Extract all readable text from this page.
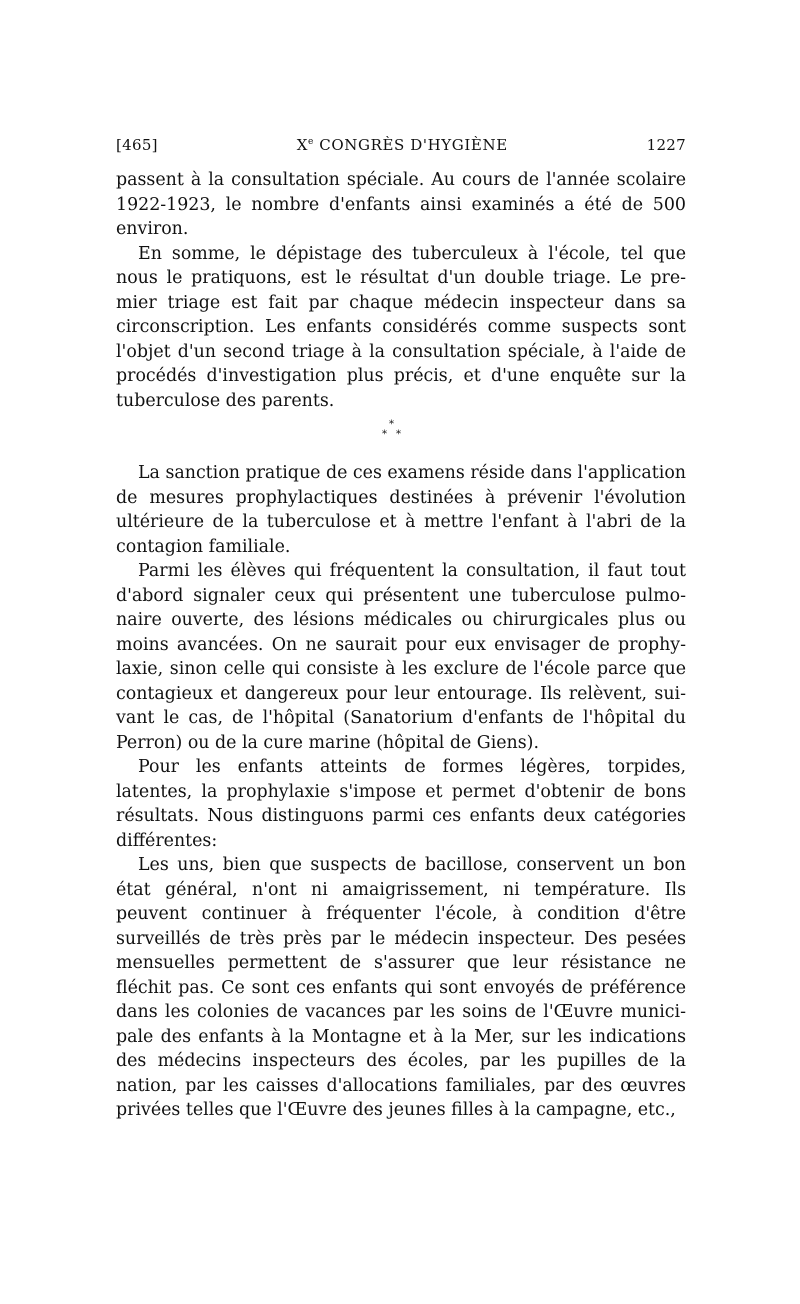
[465]	Xe CONGRÈS D'HYGIÈNE	1227

passent à la consultation spéciale. Au cours de l'année scolaire 1922-1923, le nombre d'enfants ainsi examinés a été de 500 environ.

En somme, le dépistage des tuberculeux à l'école, tel que nous le pratiquons, est le résultat d'un double triage. Le premier triage est fait par chaque médecin inspecteur dans sa circonscription. Les enfants considérés comme suspects sont l'objet d'un second triage à la consultation spéciale, à l'aide de procédés d'investigation plus précis, et d'une enquête sur la tuberculose des parents.

*
* *

La sanction pratique de ces examens réside dans l'application de mesures prophylactiques destinées à prévenir l'évolution ultérieure de la tuberculose et à mettre l'enfant à l'abri de la contagion familiale.

Parmi les élèves qui fréquentent la consultation, il faut tout d'abord signaler ceux qui présentent une tuberculose pulmonaire ouverte, des lésions médicales ou chirurgicales plus ou moins avancées. On ne saurait pour eux envisager de prophylaxie, sinon celle qui consiste à les exclure de l'école parce que contagieux et dangereux pour leur entourage. Ils relèvent, suivant le cas, de l'hôpital (Sanatorium d'enfants de l'hôpital du Perron) ou de la cure marine (hôpital de Giens).

Pour les enfants atteints de formes légères, torpides, latentes, la prophylaxie s'impose et permet d'obtenir de bons résultats. Nous distinguons parmi ces enfants deux catégories différentes:

Les uns, bien que suspects de bacillose, conservent un bon état général, n'ont ni amaigrissement, ni température. Ils peuvent continuer à fréquenter l'école, à condition d'être surveillés de très près par le médecin inspecteur. Des pesées mensuelles permettent de s'assurer que leur résistance ne fléchit pas. Ce sont ces enfants qui sont envoyés de préférence dans les colonies de vacances par les soins de l'Œuvre municipale des enfants à la Montagne et à la Mer, sur les indications des médecins inspecteurs des écoles, par les pupilles de la nation, par les caisses d'allocations familiales, par des œuvres privées telles que l'Œuvre des jeunes filles à la campagne, etc.,
